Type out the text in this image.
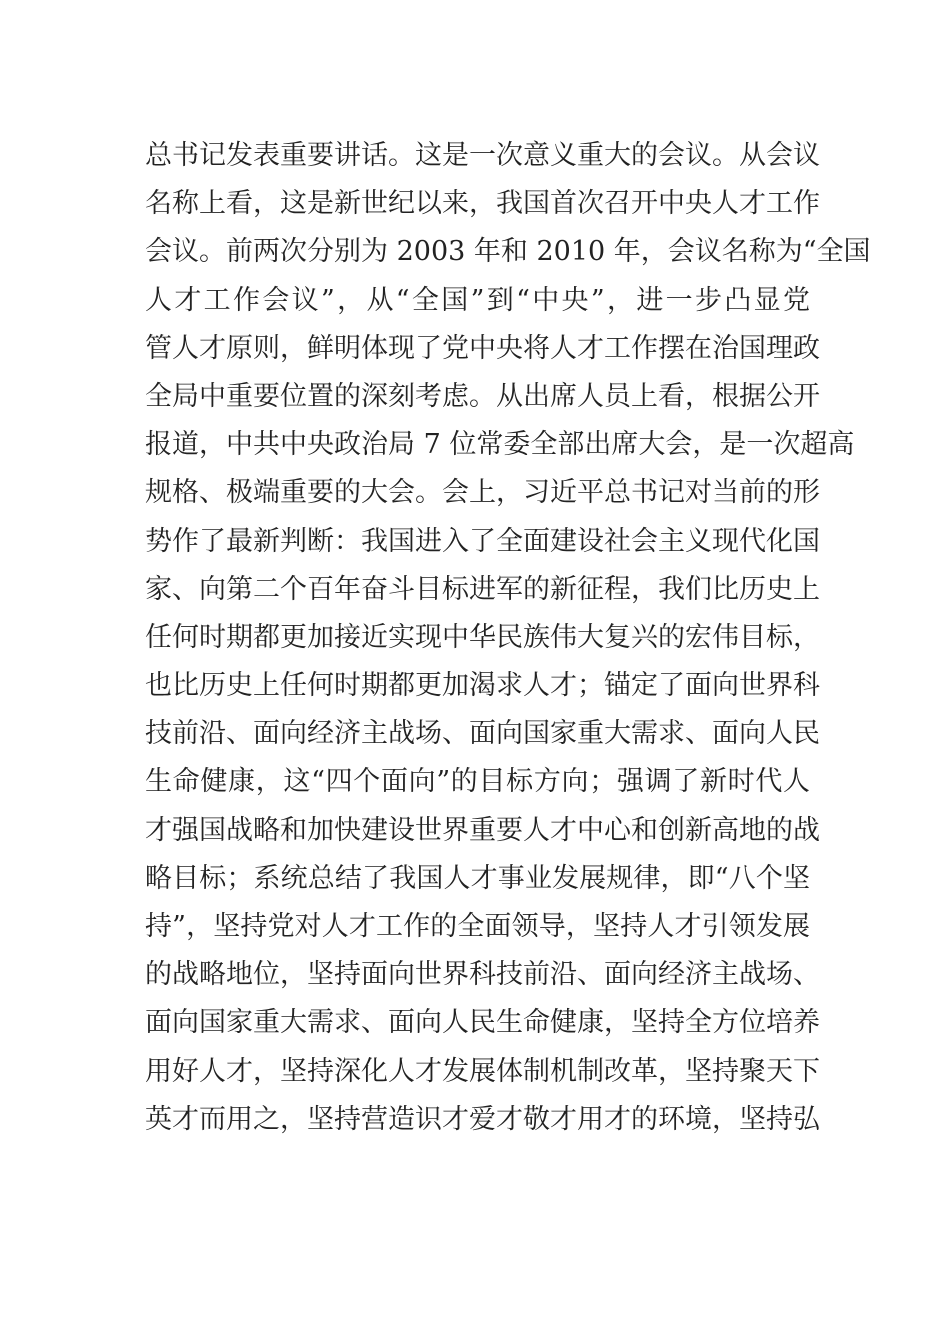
总书记发表重要讲话。这是一次意义重大的会议。从会议
名称上看，这是新世纪以来，我国首次召开中央人才工作
会议。前两次分别为 2003 年和 2010 年，会议名称为“全国
人才工作会议”，从“全国”到“中央”，进一步凸显党
管人才原则，鲜明体现了党中央将人才工作摆在治国理政
全局中重要位置的深刻考虑。从出席人员上看，根据公开
报道，中共中央政治局 7 位常委全部出席大会，是一次超高
规格、极端重要的大会。会上，习近平总书记对当前的形
势作了最新判断：我国进入了全面建设社会主义现代化国
家、向第二个百年奋斗目标进军的新征程，我们比历史上
任何时期都更加接近实现中华民族伟大复兴的宏伟目标，
也比历史上任何时期都更加渴求人才；锚定了面向世界科
技前沿、面向经济主战场、面向国家重大需求、面向人民
生命健康，这“四个面向”的目标方向；强调了新时代人
才强国战略和加快建设世界重要人才中心和创新高地的战
略目标；系统总结了我国人才事业发展规律，即“八个坚
持”，坚持党对人才工作的全面领导，坚持人才引领发展
的战略地位，坚持面向世界科技前沿、面向经济主战场、
面向国家重大需求、面向人民生命健康，坚持全方位培养
用好人才，坚持深化人才发展体制机制改革，坚持聚天下
英才而用之，坚持营造识才爱才敬才用才的环境，坚持弘
